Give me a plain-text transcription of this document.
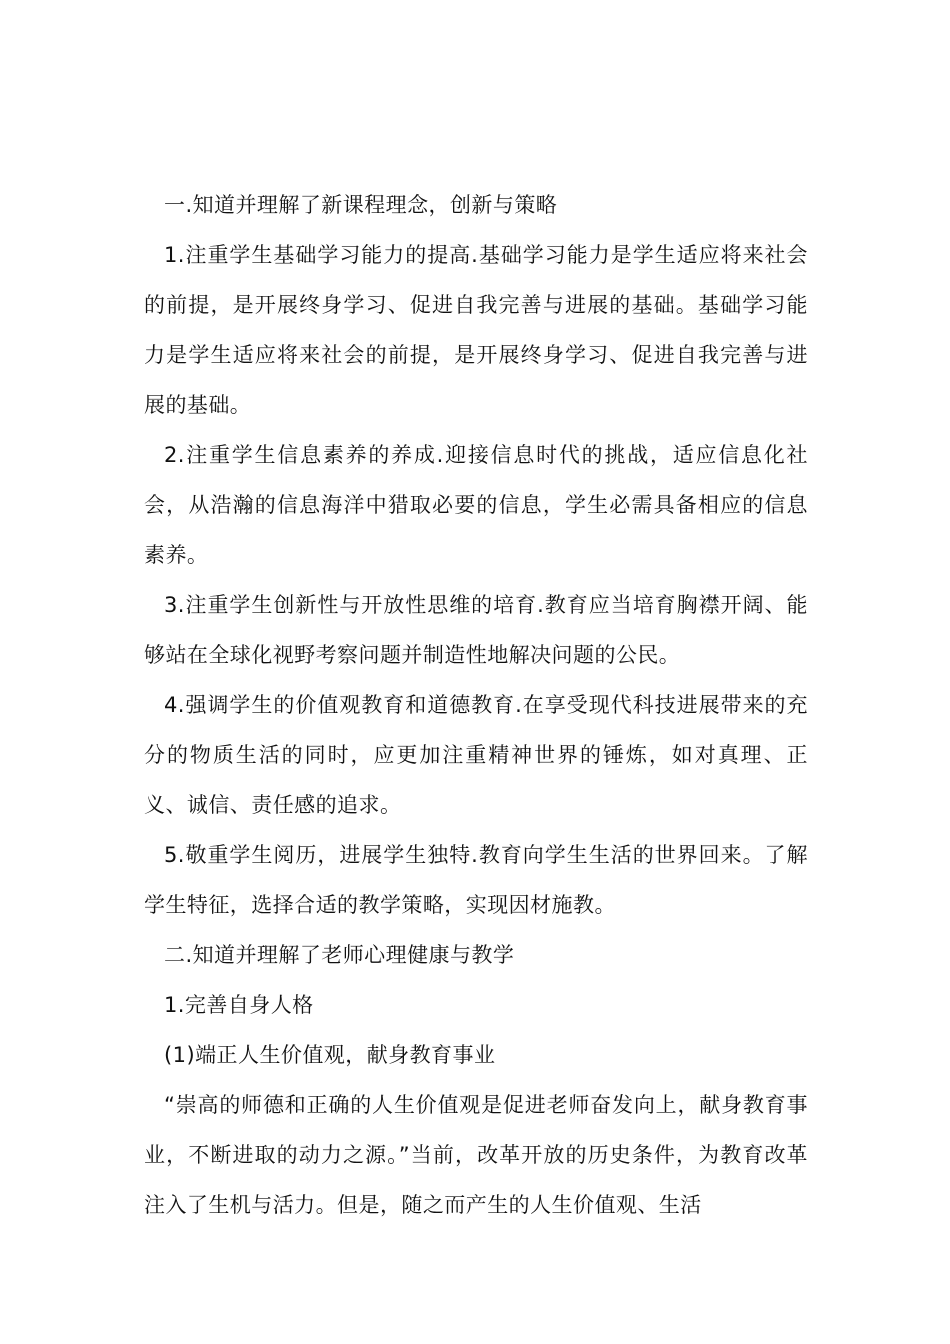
一.知道并理解了新课程理念，创新与策略

1.注重学生基础学习能力的提高.基础学习能力是学生适应将来社会的前提，是开展终身学习、促进自我完善与进展的基础。基础学习能力是学生适应将来社会的前提，是开展终身学习、促进自我完善与进展的基础。

2.注重学生信息素养的养成.迎接信息时代的挑战，适应信息化社会，从浩瀚的信息海洋中猎取必要的信息，学生必需具备相应的信息素养。

3.注重学生创新性与开放性思维的培育.教育应当培育胸襟开阔、能够站在全球化视野考察问题并制造性地解决问题的公民。

4.强调学生的价值观教育和道德教育.在享受现代科技进展带来的充分的物质生活的同时，应更加注重精神世界的锤炼，如对真理、正义、诚信、责任感的追求。

5.敬重学生阅历，进展学生独特.教育向学生生活的世界回来。了解学生特征，选择合适的教学策略，实现因材施教。

二.知道并理解了老师心理健康与教学

1.完善自身人格

(1)端正人生价值观，献身教育事业

“崇高的师德和正确的人生价值观是促进老师奋发向上，献身教育事业，不断进取的动力之源。”当前，改革开放的历史条件，为教育改革注入了生机与活力。但是，随之而产生的人生价值观、生活
